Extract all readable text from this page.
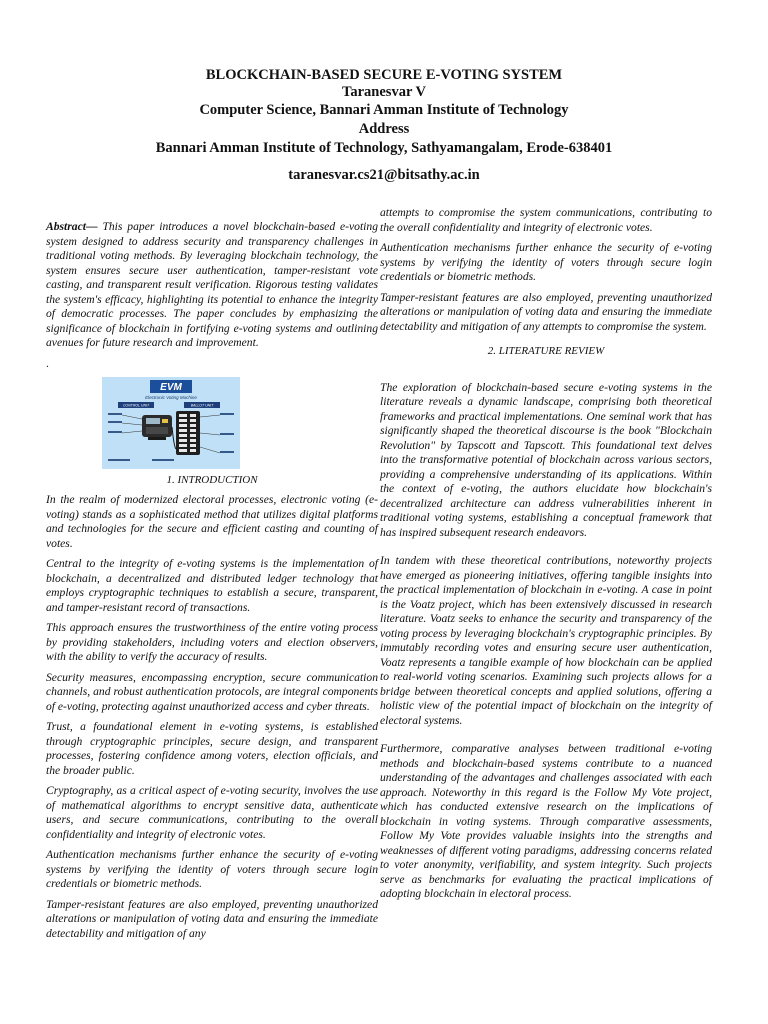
BLOCKCHAIN-BASED SECURE E-VOTING SYSTEM

Taranesvar V

Computer Science, Bannari Amman Institute of Technology

Address

Bannari Amman Institute of Technology, Sathyamangalam, Erode-638401

taranesvar.cs21@bitsathy.ac.in

Abstract— This paper introduces a novel blockchain-based e-voting system designed to address security and transparency challenges in traditional voting methods. By leveraging blockchain technology, the system ensures secure user authentication, tamper-resistant vote casting, and transparent result verification. Rigorous testing validates the system's efficacy, highlighting its potential to enhance the integrity of democratic processes. The paper concludes by emphasizing the significance of blockchain in fortifying e-voting systems and outlining avenues for future research and improvement.

.
EVM
Electronic Voting Machine
CONTROL UNIT	BALLOT UNIT

1. INTRODUCTION

In the realm of modernized electoral processes, electronic voting (e-voting) stands as a sophisticated method that utilizes digital platforms and technologies for the secure and efficient casting and counting of votes.

Central to the integrity of e-voting systems is the implementation of blockchain, a decentralized and distributed ledger technology that employs cryptographic techniques to establish a secure, transparent, and tamper-resistant record of transactions.

This approach ensures the trustworthiness of the entire voting process by providing stakeholders, including voters and election observers, with the ability to verify the accuracy of results.

Security measures, encompassing encryption, secure communication channels, and robust authentication protocols, are integral components of e-voting, protecting against unauthorized access and cyber threats.

Trust, a foundational element in e-voting systems, is established through cryptographic principles, secure design, and transparent processes, fostering confidence among voters, election officials, and the broader public.

Cryptography, as a critical aspect of e-voting security, involves the use of mathematical algorithms to encrypt sensitive data, authenticate users, and secure communications, contributing to the overall confidentiality and integrity of electronic votes.

Authentication mechanisms further enhance the security of e-voting systems by verifying the identity of voters through secure login credentials or biometric methods.

Tamper-resistant features are also employed, preventing unauthorized alterations or manipulation of voting data and ensuring the immediate detectability and mitigation of any

attempts to compromise the system communications, contributing to the overall confidentiality and integrity of electronic votes.

Authentication mechanisms further enhance the security of e-voting systems by verifying the identity of voters through secure login credentials or biometric methods.

Tamper-resistant features are also employed, preventing unauthorized alterations or manipulation of voting data and ensuring the immediate detectability and mitigation of any attempts to compromise the system.

2. LITERATURE REVIEW

The exploration of blockchain-based secure e-voting systems in the literature reveals a dynamic landscape, comprising both theoretical frameworks and practical implementations. One seminal work that has significantly shaped the theoretical discourse is the book "Blockchain Revolution" by Tapscott and Tapscott. This foundational text delves into the transformative potential of blockchain across various sectors, providing a comprehensive understanding of its applications. Within the context of e-voting, the authors elucidate how blockchain's decentralized architecture can address vulnerabilities inherent in traditional voting systems, establishing a conceptual framework that has inspired subsequent research endeavors.

In tandem with these theoretical contributions, noteworthy projects have emerged as pioneering initiatives, offering tangible insights into the practical implementation of blockchain in e-voting. A case in point is the Voatz project, which has been extensively discussed in research literature. Voatz seeks to enhance the security and transparency of the voting process by leveraging blockchain's cryptographic principles. By immutably recording votes and ensuring secure user authentication, Voatz represents a tangible example of how blockchain can be applied to real-world voting scenarios. Examining such projects allows for a bridge between theoretical concepts and applied solutions, offering a holistic view of the potential impact of blockchain on the integrity of electoral systems.

Furthermore, comparative analyses between traditional e-voting methods and blockchain-based systems contribute to a nuanced understanding of the advantages and challenges associated with each approach. Noteworthy in this regard is the Follow My Vote project, which has conducted extensive research on the implications of blockchain in voting systems. Through comparative assessments, Follow My Vote provides valuable insights into the strengths and weaknesses of different voting paradigms, addressing concerns related to voter anonymity, verifiability, and system integrity. Such projects serve as benchmarks for evaluating the practical implications of adopting blockchain in electoral process.
